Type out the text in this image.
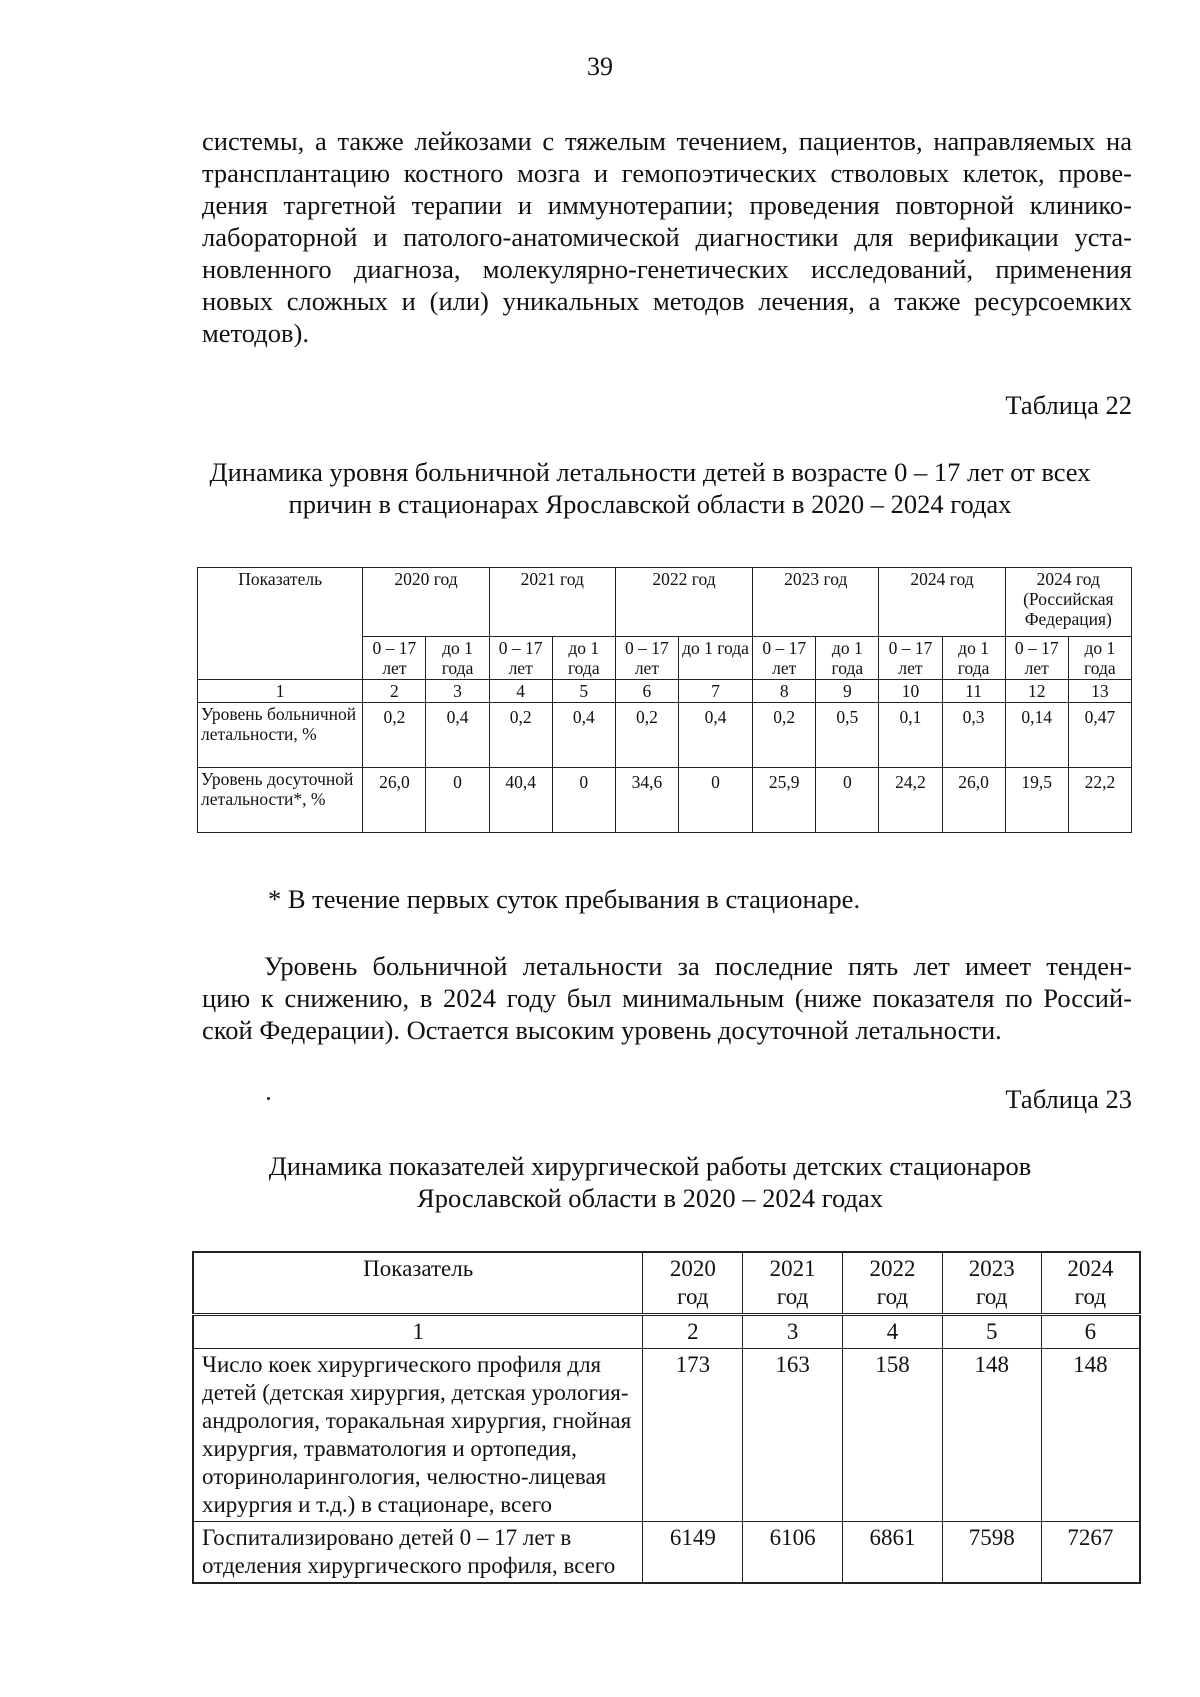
39
системы, а также лейкозами с тяжелым течением, пациентов, направляемых на
трансплантацию костного мозга и гемопоэтических стволовых клеток, прове-
дения таргетной терапии и иммунотерапии; проведения повторной клинико-
лабораторной и патолого-анатомической диагностики для верификации уста-
новленного диагноза, молекулярно-генетических исследований, применения
новых сложных и (или) уникальных методов лечения, а также ресурсоемких
методов).
Таблица 22
Динамика уровня больничной летальности детей в возрасте 0 – 17 лет от всех
причин в стационарах Ярославской области в 2020 – 2024 годах
Показатель	2020 год		2021 год		2022 год		2023 год		2024 год		2024 год (Российская Федерация)	
	0 – 17 лет	до 1 года	0 – 17 лет	до 1 года	0 – 17 лет	до 1 года	0 – 17 лет	до 1 года	0 – 17 лет	до 1 года	0 – 17 лет	до 1 года
1	2	3	4	5	6	7	8	9	10	11	12	13
Уровень больничной летальности, %	0,2	0,4	0,2	0,4	0,2	0,4	0,2	0,5	0,1	0,3	0,14	0,47
Уровень досуточной летальности*, %	26,0	0	40,4	0	34,6	0	25,9	0	24,2	26,0	19,5	22,2
* В течение первых суток пребывания в стационаре.
Уровень больничной летальности за последние пять лет имеет тенден-
цию к снижению, в 2024 году был минимальным (ниже показателя по Россий-
ской Федерации). Остается высоким уровень досуточной летальности.
Таблица 23
Динамика показателей хирургической работы детских стационаров
Ярославской области в 2020 – 2024 годах
Показатель	2020 год	2021 год	2022 год	2023 год	2024 год
1	2	3	4	5	6
Число коек хирургического профиля для детей (детская хирургия, детская урология-андрология, торакальная хирургия, гнойная хирургия, травматология и ортопедия, оториноларингология, челюстно-лицевая хирургия и т.д.) в стационаре, всего	173	163	158	148	148
Госпитализировано детей 0 – 17 лет в отделения хирургического профиля, всего	6149	6106	6861	7598	7267
